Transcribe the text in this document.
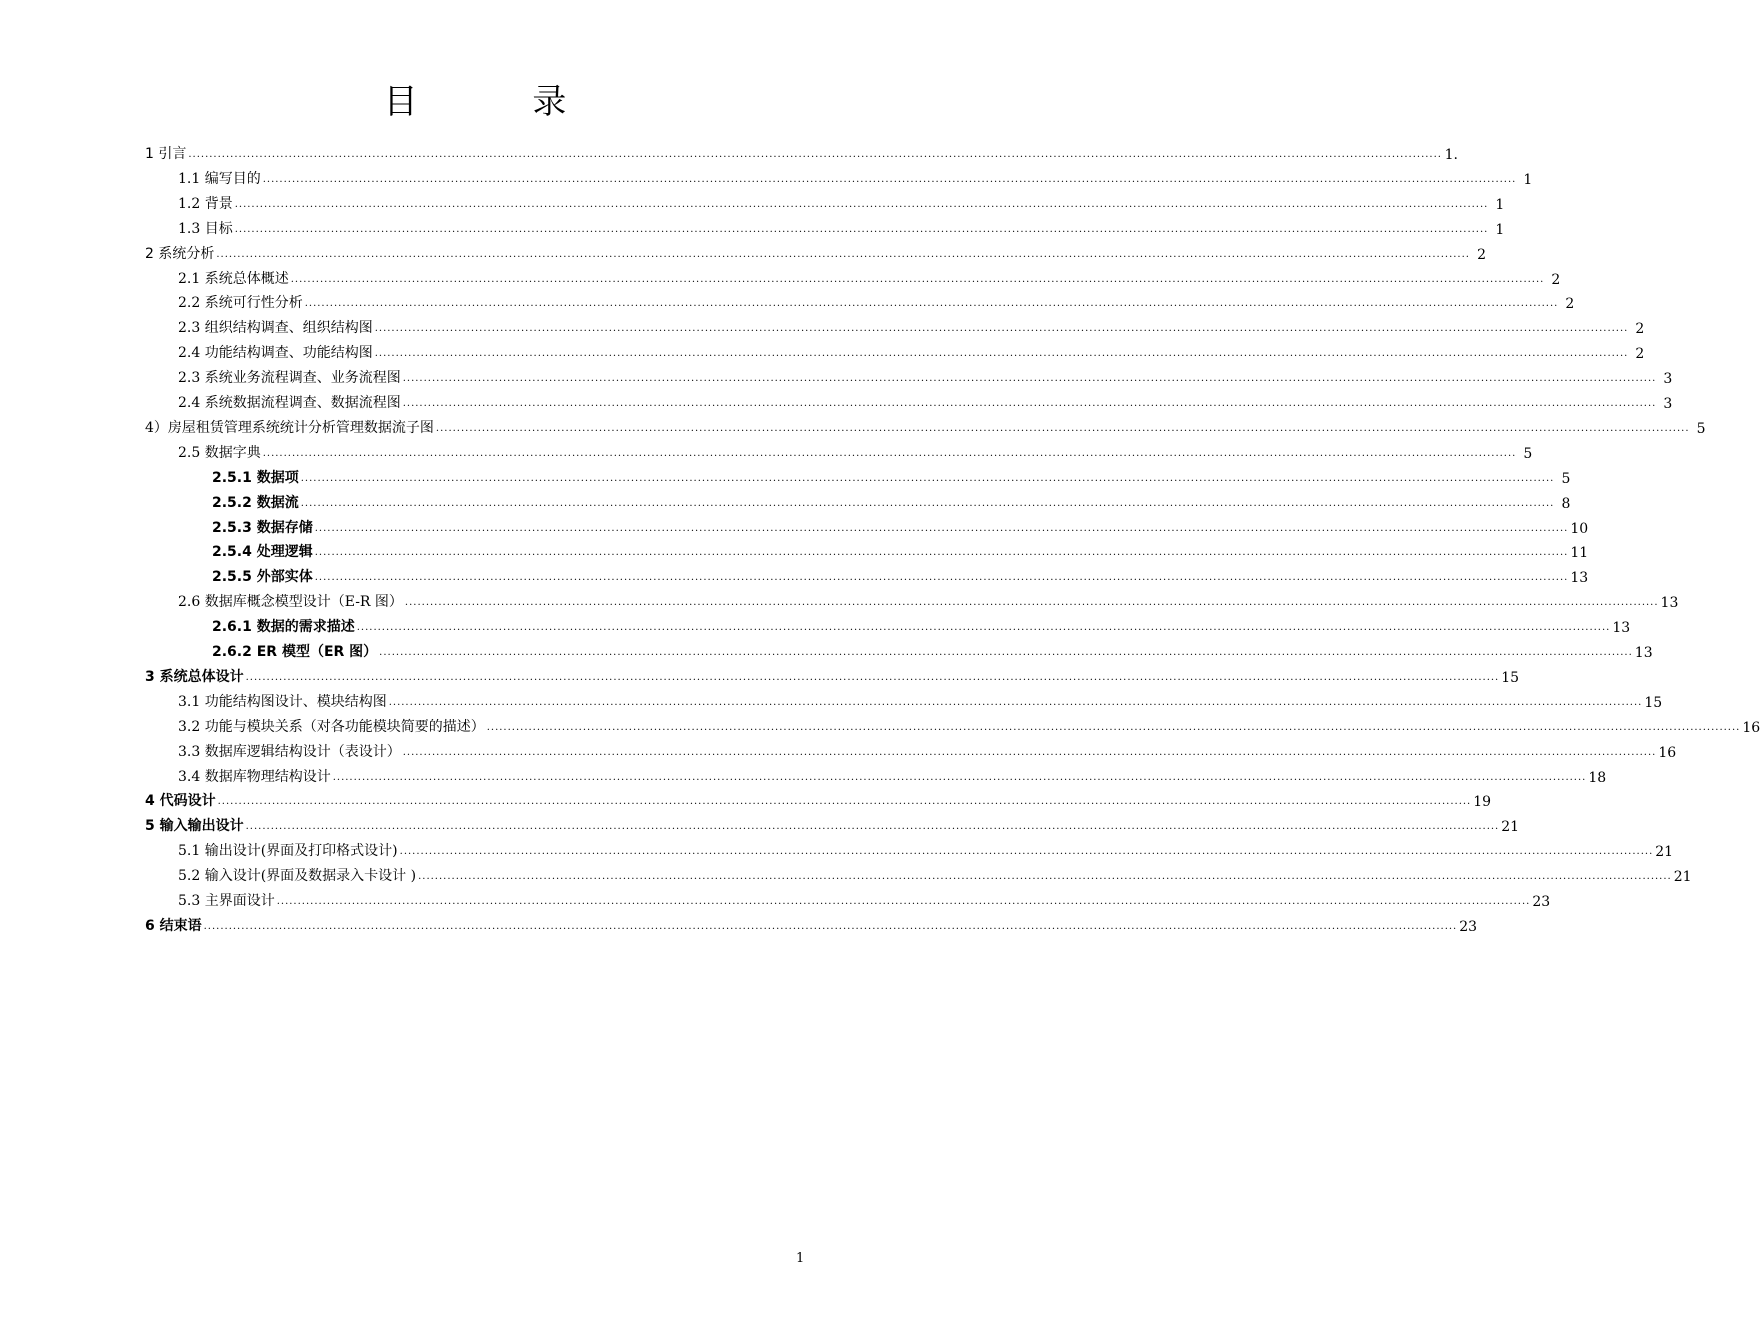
目 录
1 引言 ............................................................................................................................................................................................................................................................................................................ 1.
1.1 编写目的 ............................................................................................................................................................................................................................................................................................................ 1
1.2 背景 ............................................................................................................................................................................................................................................................................................................ 1
1.3 目标 ............................................................................................................................................................................................................................................................................................................ 1
2 系统分析 ............................................................................................................................................................................................................................................................................................................ 2
2.1 系统总体概述 ............................................................................................................................................................................................................................................................................................................ 2
2.2 系统可行性分析 ............................................................................................................................................................................................................................................................................................................ 2
2.3 组织结构调查、组织结构图 ............................................................................................................................................................................................................................................................................................................ 2
2.4 功能结构调查、功能结构图 ............................................................................................................................................................................................................................................................................................................ 2
2.3 系统业务流程调查、业务流程图 ............................................................................................................................................................................................................................................................................................................ 3
2.4 系统数据流程调查、数据流程图 ............................................................................................................................................................................................................................................................................................................ 3
4）房屋租赁管理系统统计分析管理数据流子图 ............................................................................................................................................................................................................................................................................................................ 5
2.5 数据字典 ............................................................................................................................................................................................................................................................................................................ 5
2.5.1 数据项 ............................................................................................................................................................................................................................................................................................................ 5
2.5.2 数据流 ............................................................................................................................................................................................................................................................................................................ 8
2.5.3 数据存储 ............................................................................................................................................................................................................................................................................................................ 10
2.5.4 处理逻辑 ............................................................................................................................................................................................................................................................................................................ 11
2.5.5 外部实体 ............................................................................................................................................................................................................................................................................................................ 13
2.6 数据库概念模型设计（E-R 图） ............................................................................................................................................................................................................................................................................................................ 13
2.6.1 数据的需求描述 ............................................................................................................................................................................................................................................................................................................ 13
2.6.2 ER 模型（ER 图） ............................................................................................................................................................................................................................................................................................................ 13
3 系统总体设计 ............................................................................................................................................................................................................................................................................................................ 15
3.1 功能结构图设计、模块结构图 ............................................................................................................................................................................................................................................................................................................ 15
3.2 功能与模块关系（对各功能模块简要的描述） ............................................................................................................................................................................................................................................................................................................ 16
3.3 数据库逻辑结构设计（表设计） ............................................................................................................................................................................................................................................................................................................ 16
3.4 数据库物理结构设计 ............................................................................................................................................................................................................................................................................................................ 18
4 代码设计 ............................................................................................................................................................................................................................................................................................................ 19
5 输入输出设计 ............................................................................................................................................................................................................................................................................................................ 21
5.1 输出设计(界面及打印格式设计) ............................................................................................................................................................................................................................................................................................................ 21
5.2 输入设计(界面及数据录入卡设计 ) ............................................................................................................................................................................................................................................................................................................ 21
5.3 主界面设计 ............................................................................................................................................................................................................................................................................................................ 23
6 结束语 ............................................................................................................................................................................................................................................................................................................ 23
1
